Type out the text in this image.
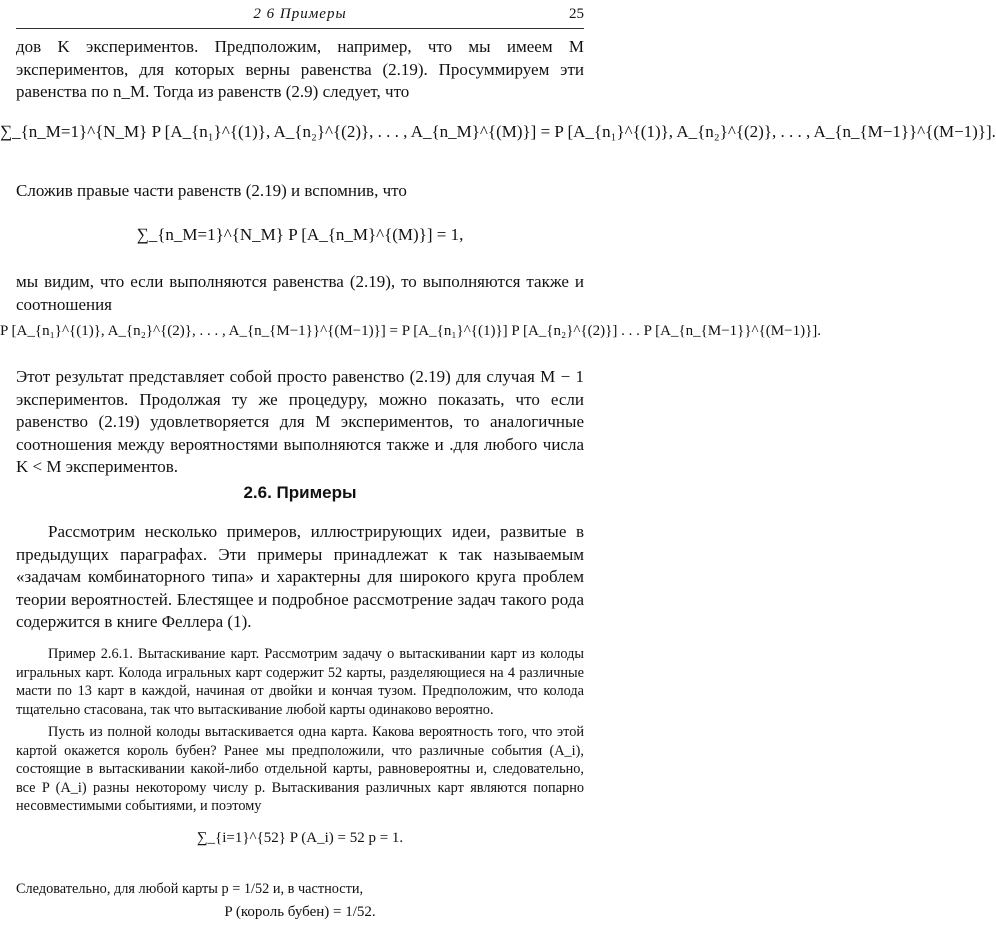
2 6 Примеры	25
дов K экспериментов. Предположим, например, что мы имеем M экспериментов, для которых верны равенства (2.19). Просуммируем эти равенства по n_M. Тогда из равенств (2.9) следует, что
∑_{n_M=1}^{N_M} P [A_{n₁}^{(1)}, A_{n₂}^{(2)}, . . . , A_{n_M}^{(M)}] = P [A_{n₁}^{(1)}, A_{n₂}^{(2)}, . . . , A_{n_{M−1}}^{(M−1)}].
Сложив правые части равенств (2.19) и вспомнив, что
∑_{n_M=1}^{N_M} P [A_{n_M}^{(M)}] = 1,
мы видим, что если выполняются равенства (2.19), то выполняются также и соотношения
P [A_{n₁}^{(1)}, A_{n₂}^{(2)}, . . . , A_{n_{M−1}}^{(M−1)}] = P [A_{n₁}^{(1)}] P [A_{n₂}^{(2)}] . . . P [A_{n_{M−1}}^{(M−1)}].
Этот результат представляет собой просто равенство (2.19) для случая M − 1 экспериментов. Продолжая ту же процедуру, можно показать, что если равенство (2.19) удовлетворяется для M экспериментов, то аналогичные соотношения между вероятностями выполняются также и .для любого числа K < M экспериментов.
2.6. Примеры
Рассмотрим несколько примеров, иллюстрирующих идеи, развитые в предыдущих параграфах. Эти примеры принадлежат к так называемым «задачам комбинаторного типа» и характерны для широкого круга проблем теории вероятностей. Блестящее и подробное рассмотрение задач такого рода содержится в книге Феллера (1).
Пример 2.6.1. Вытаскивание карт. Рассмотрим задачу о вытаскивании карт из колоды игральных карт. Колода игральных карт содержит 52 карты, разделяющиеся на 4 различные масти по 13 карт в каждой, начиная от двойки и кончая тузом. Предположим, что колода тщательно стасована, так что вытаскивание любой карты одинаково вероятно.
Пусть из полной колоды вытаскивается одна карта. Какова вероятность того, что этой картой окажется король бубен? Ранее мы предположили, что различные события (A_i), состоящие в вытаскивании какой-либо отдельной карты, равновероятны и, следовательно, все P (A_i) разны некоторому числу p. Вытаскивания различных карт являются попарно несовместимыми событиями, и поэтому
∑_{i=1}^{52} P (A_i) = 52 p = 1.
Следовательно, для любой карты p = 1/52 и, в частности,
P (король бубен) = 1/52.
